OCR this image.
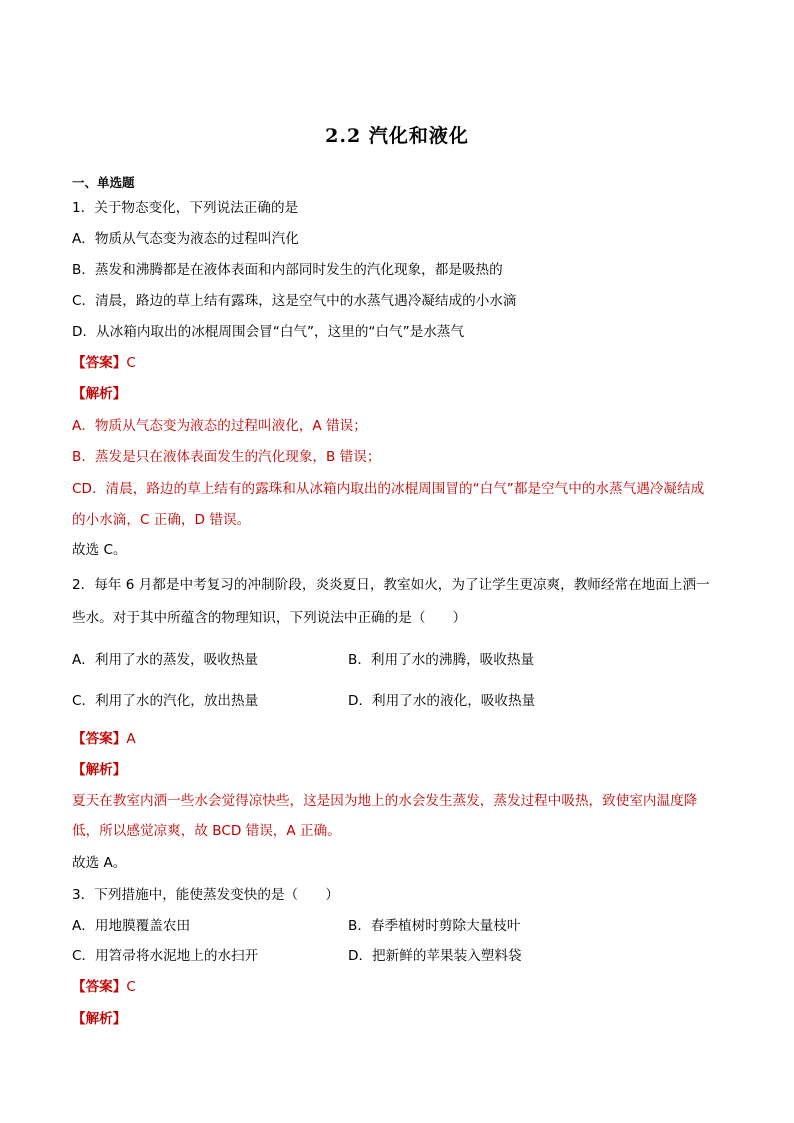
2.2 汽化和液化
一、单选题
1．关于物态变化，下列说法正确的是
A．物质从气态变为液态的过程叫汽化
B．蒸发和沸腾都是在液体表面和内部同时发生的汽化现象，都是吸热的
C．清晨，路边的草上结有露珠，这是空气中的水蒸气遇冷凝结成的小水滴
D．从冰箱内取出的冰棍周围会冒“白气”，这里的“白气”是水蒸气
【答案】C
【解析】
A．物质从气态变为液态的过程叫液化，A 错误；
B．蒸发是只在液体表面发生的汽化现象，B 错误；
CD．清晨，路边的草上结有的露珠和从冰箱内取出的冰棍周围冒的“白气”都是空气中的水蒸气遇冷凝结成
的小水滴，C 正确，D 错误。
故选 C。
2．每年 6 月都是中考复习的冲制阶段，炎炎夏日，教室如火，为了让学生更凉爽，教师经常在地面上洒一
些水。对于其中所蕴含的物理知识，下列说法中正确的是（　　）
A．利用了水的蒸发，吸收热量	B．利用了水的沸腾，吸收热量
C．利用了水的汽化，放出热量	D．利用了水的液化，吸收热量
【答案】A
【解析】
夏天在教室内洒一些水会觉得凉快些，这是因为地上的水会发生蒸发，蒸发过程中吸热，致使室内温度降
低，所以感觉凉爽，故 BCD 错误，A 正确。
故选 A。
3．下列措施中，能使蒸发变快的是（　　）
A．用地膜覆盖农田	B．春季植树时剪除大量枝叶
C．用笤帚将水泥地上的水扫开	D．把新鲜的苹果装入塑料袋
【答案】C
【解析】
